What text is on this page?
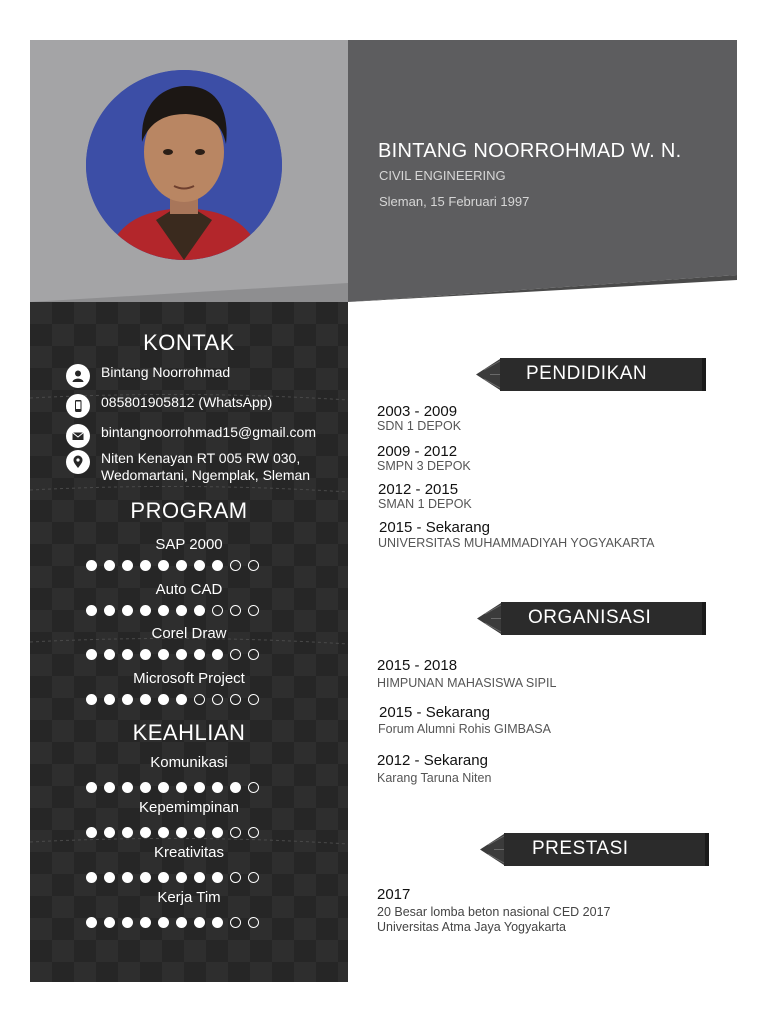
BINTANG NOORROHMAD W. N.
CIVIL ENGINEERING
Sleman, 15 Februari 1997
KONTAK
Bintang Noorrohmad
085801905812 (WhatsApp)
bintangnoorrohmad15@gmail.com
Niten Kenayan RT 005 RW 030,
Wedomartani, Ngemplak, Sleman
PROGRAM
SAP 2000
Auto CAD
Corel Draw
Microsoft Project
KEAHLIAN
Komunikasi
Kepemimpinan
Kreativitas
Kerja Tim
PENDIDIKAN
2003 - 2009
SDN 1 DEPOK
2009 - 2012
SMPN 3 DEPOK
2012 - 2015
SMAN 1 DEPOK
2015 - Sekarang
UNIVERSITAS MUHAMMADIYAH YOGYAKARTA
ORGANISASI
2015 - 2018
HIMPUNAN MAHASISWA SIPIL
2015 - Sekarang
Forum Alumni Rohis GIMBASA
2012 - Sekarang
Karang Taruna Niten
PRESTASI
2017
20 Besar lomba beton nasional CED 2017
Universitas Atma Jaya Yogyakarta
